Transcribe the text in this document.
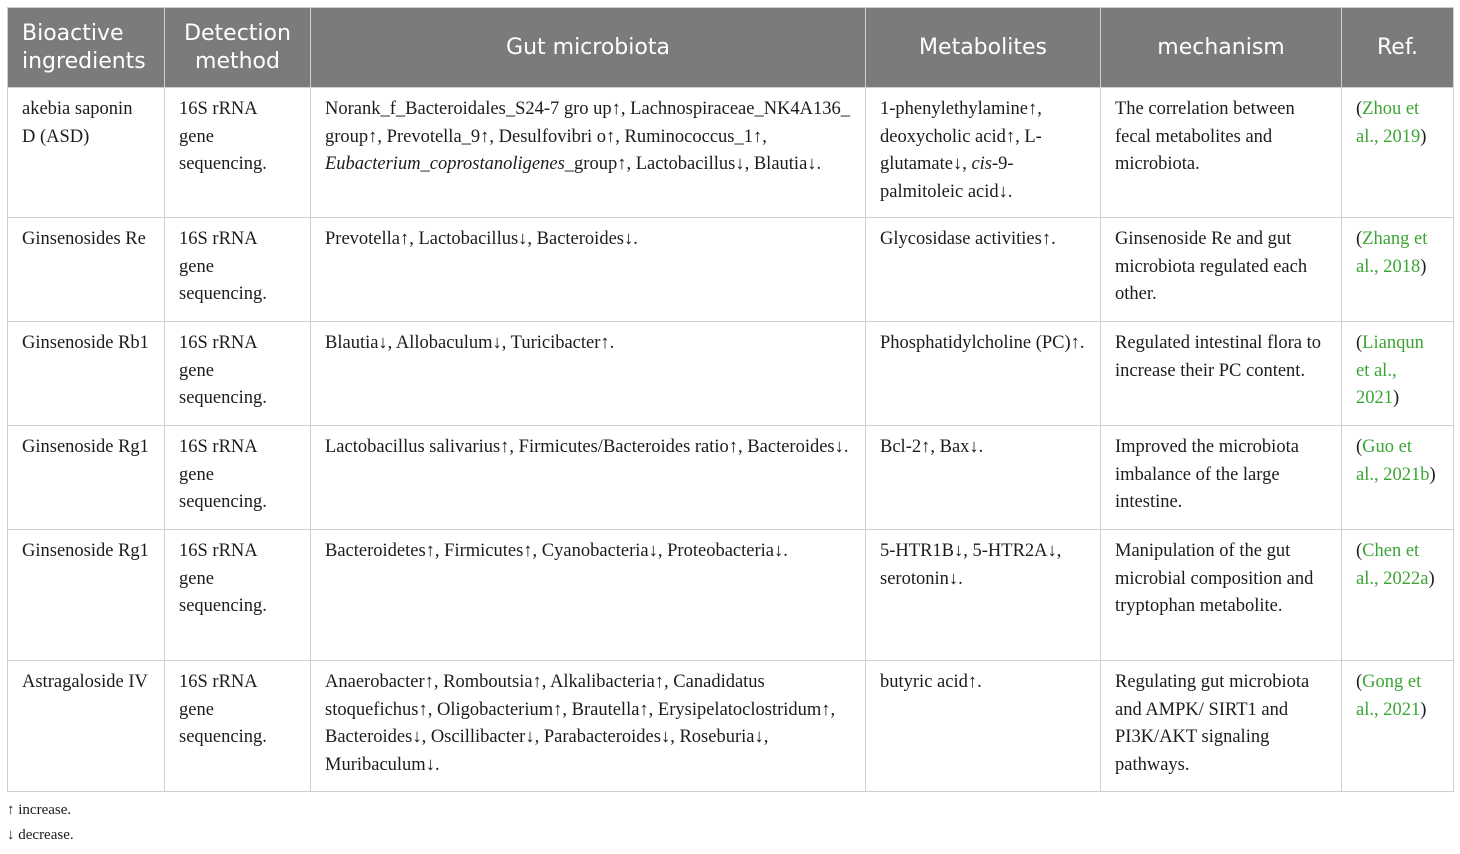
Bioactive ingredients	Detection method	Gut microbiota	Metabolites	mechanism	Ref.
akebia saponin D (ASD)	16S rRNA gene sequencing.	Norank_f_Bacteroidales_S24-7 gro up↑, Lachnospiraceae_NK4A136_ group↑, Prevotella_9↑, Desulfovibri o↑, Ruminococcus_1↑, Eubacterium_coprostanoligenes_group↑, Lactobacillus↓, Blautia↓.	1-phenylethylamine↑, deoxycholic acid↑, L-glutamate↓, cis-9-palmitoleic acid↓.	The correlation between fecal metabolites and microbiota.	(Zhou et al., 2019)
Ginsenosides Re	16S rRNA gene sequencing.	Prevotella↑, Lactobacillus↓, Bacteroides↓.	Glycosidase activities↑.	Ginsenoside Re and gut microbiota regulated each other.	(Zhang et al., 2018)
Ginsenoside Rb1	16S rRNA gene sequencing.	Blautia↓, Allobaculum↓, Turicibacter↑.	Phosphatidylcholine (PC)↑.	Regulated intestinal flora to increase their PC content.	(Lianqun et al., 2021)
Ginsenoside Rg1	16S rRNA gene sequencing.	Lactobacillus salivarius↑, Firmicutes/Bacteroides ratio↑, Bacteroides↓.	Bcl-2↑, Bax↓.	Improved the microbiota imbalance of the large intestine.	(Guo et al., 2021b)
Ginsenoside Rg1	16S rRNA gene sequencing.	Bacteroidetes↑, Firmicutes↑, Cyanobacteria↓, Proteobacteria↓.	5-HTR1B↓, 5-HTR2A↓, serotonin↓.	Manipulation of the gut microbial composition and tryptophan metabolite.	(Chen et al., 2022a)
Astragaloside IV	16S rRNA gene sequencing.	Anaerobacter↑, Romboutsia↑, Alkalibacteria↑, Canadidatus stoquefichus↑, Oligobacterium↑, Brautella↑, Erysipelatoclostridum↑, Bacteroides↓, Oscillibacter↓, Parabacteroides↓, Roseburia↓, Muribaculum↓.	butyric acid↑.	Regulating gut microbiota and AMPK/ SIRT1 and PI3K/AKT signaling pathways.	(Gong et al., 2021)
↑ increase.
↓ decrease.
